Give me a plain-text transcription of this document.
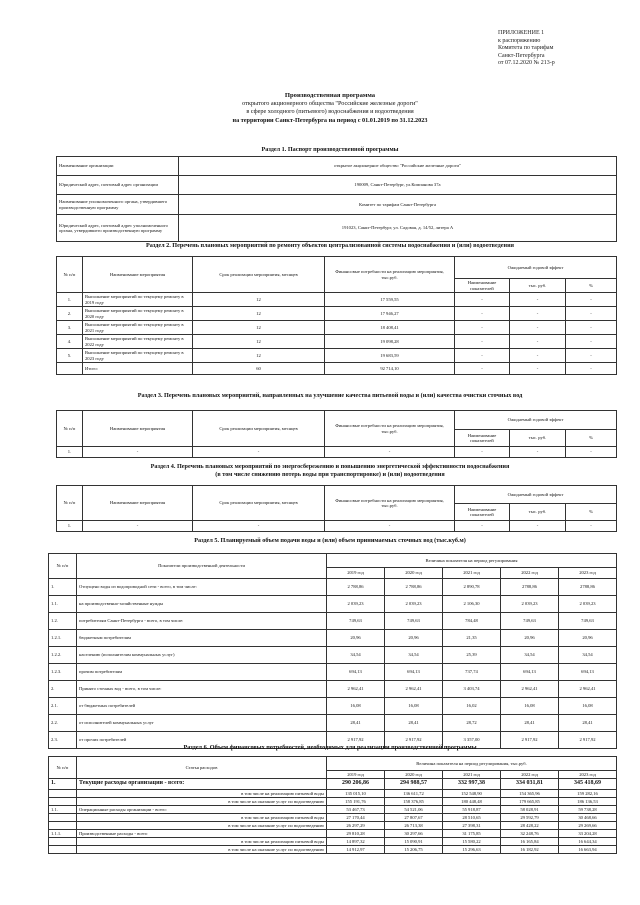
ПРИЛОЖЕНИЕ 1
к распоряжению
Комитета по тарифам
Санкт-Петербурга
от 07.12.2020 № 213-р
Производственная программа
открытого акционерного общества "Российские железные дороги"
в сфере холодного (питьевого) водоснабжения и водоотведения
на территории Санкт-Петербурга на период с 01.01.2019 по 31.12.2023
Раздел 1. Паспорт производственной программы
Наименование организации	открытое акционерное общество "Российские железные дороги"
Юридический адрес, почтовый адрес организации	190009, Санкт-Петербург, ул.Компанова 37а
Наименование уполномоченного органа, утвердившего производственную программу	Комитет по тарифам Санкт-Петербурга
Юридический адрес, почтовый адрес уполномоченного органа, утвердившего производственную программу	191023, Санкт-Петербург, ул. Садовая, д. 14/52, литера А
Раздел 2. Перечень плановых мероприятий по ремонту объектов централизованной системы водоснабжения и (или) водоотведения
№ п/п	Наименование мероприятия	Срок реализации мероприятия, месяцев	Финансовые потребности на реализацию мероприятия, тыс.руб.	Ожидаемый годовой эффект		
				Наименование показателей	тыс. руб.	%
1.	Выполнение мероприятий по текущему ремонту в 2019 году	12	17 559,55	-	-	-
2.	Выполнение мероприятий по текущему ремонту в 2020 году	12	17 946,27	-	-	-
3.	Выполнение мероприятий по текущему ремонту в 2021 году	12	18 408,41	-	-	-
4.	Выполнение мероприятий по текущему ремонту в 2022 году	12	19 098,28	-	-	-
5.	Выполнение мероприятий по текущему ремонту в 2023 году	12	19 683,59	-	-	-
	Итого:	60	92 714,10	-	-	-
Раздел 3. Перечень плановых мероприятий, направленных на улучшение качества питьевой воды и (или) качества очистки сточных вод
№ п/п	Наименование мероприятия	Срок реализации мероприятия, месяцев	Финансовые потребности на реализацию мероприятия, тыс.руб.	Ожидаемый годовой эффект		
				Наименование показателей	тыс. руб.	%
1.	-	-	-	-	-	-
Раздел 4. Перечень плановых мероприятий по энергосбережению и повышению энергетической эффективности водоснабжения
(в том числе снижению потерь воды при транспортировке) и (или) водоотведения
№ п/п	Наименование мероприятия	Срок реализации мероприятия, месяцев	Финансовые потребности на реализацию мероприятия, тыс.руб.	Ожидаемый годовой эффект		
				Наименование показателей	тыс. руб.	%
1.	-	-	-	-	-	-
Раздел 5. Планируемый объем подачи воды и (или) объем принимаемых сточных вод (тыс.куб.м)
№ п/п	Показатели производственной деятельности	Величина показателя на период регулирования				
		2019 год	2020 год	2021 год	2022 год	2023 год
1.	Отпущено воды из водопроводной сети - всего, в том числе:	2 788,86	2 788,86	2 890,78	2788,86	2788,86
1.1.	на производственно-хозяйственные нужды	2 039,23	2 039,23	2 106,30	2 039,23	2 039,23
1.2.	потребителям Санкт-Петербурга - всего, в том числе:	749,63	749,63	784,48	749,63	749,63
1.2.1.	бюджетным потребителям	20,96	20,96	21,35	20,96	20,96
1.2.2.	населению (исполнителям коммунальных услуг)	34,54	34,54	25,39	34,54	34,54
1.2.3.	прочим потребителям	694,13	694,13	737,74	694,13	694,13
2.	Принято сточных вод - всего, в том числе:	2 962,41	2 962,41	3 403,74	2 962,41	2 962,41
2.1.	от бюджетных потребителей	16,08	16,08	16,02	16,08	16,08
2.2.	от исполнителей коммунальных услуг	28,41	28,41	28,72	28,41	28,41
2.3.	от прочих потребителей	2 917,92	2 917,92	3 357,00	2 917,92	2 917,92
Раздел 6. Объем финансовых потребностей, необходимых для реализации производственной программы
№ п/п	Статья расходов	Величина показателя на период регулирования, тыс.руб.				
		2019 год	2020 год	2021 год	2022 год	2023 год
1.	Текущие расходы организации - всего:	290 206,86	294 988,57	332 997,38	334 031,81	345 418,69
	в том числе на реализацию питьевой воды	135 015,10	136 611,72	152 548,90	154 365,96	159 282,16
	в том числе на оказание услуг по водоотведению	155 191,76	158 376,85	180 448,48	179 665,85	186 136,53
1.1.	Операционные расходы организации - всего:	53 467,73	54 521,06	55 918,87	58 028,91	59 738,28
	в том числе на реализацию питьевой воды	27 170,44	27 807,67	28 510,65	29 592,79	30 468,66
	в том числе на оказание услуг по водоотведению	26 297,29	26 713,38	27 398,31	28 428,22	29 269,66
1.1.1.	Производственные расходы - всего	29 810,28	30 297,66	31 175,85	32 248,76	33 204,28
	в том числе на реализацию питьевой воды	14 897,32	15 090,91	15 580,22	16 165,84	16 644,34
	в том числе на оказание услуг по водоотведению	14 912,97	15 206,75	15 296,63	16 182,92	16 663,94
